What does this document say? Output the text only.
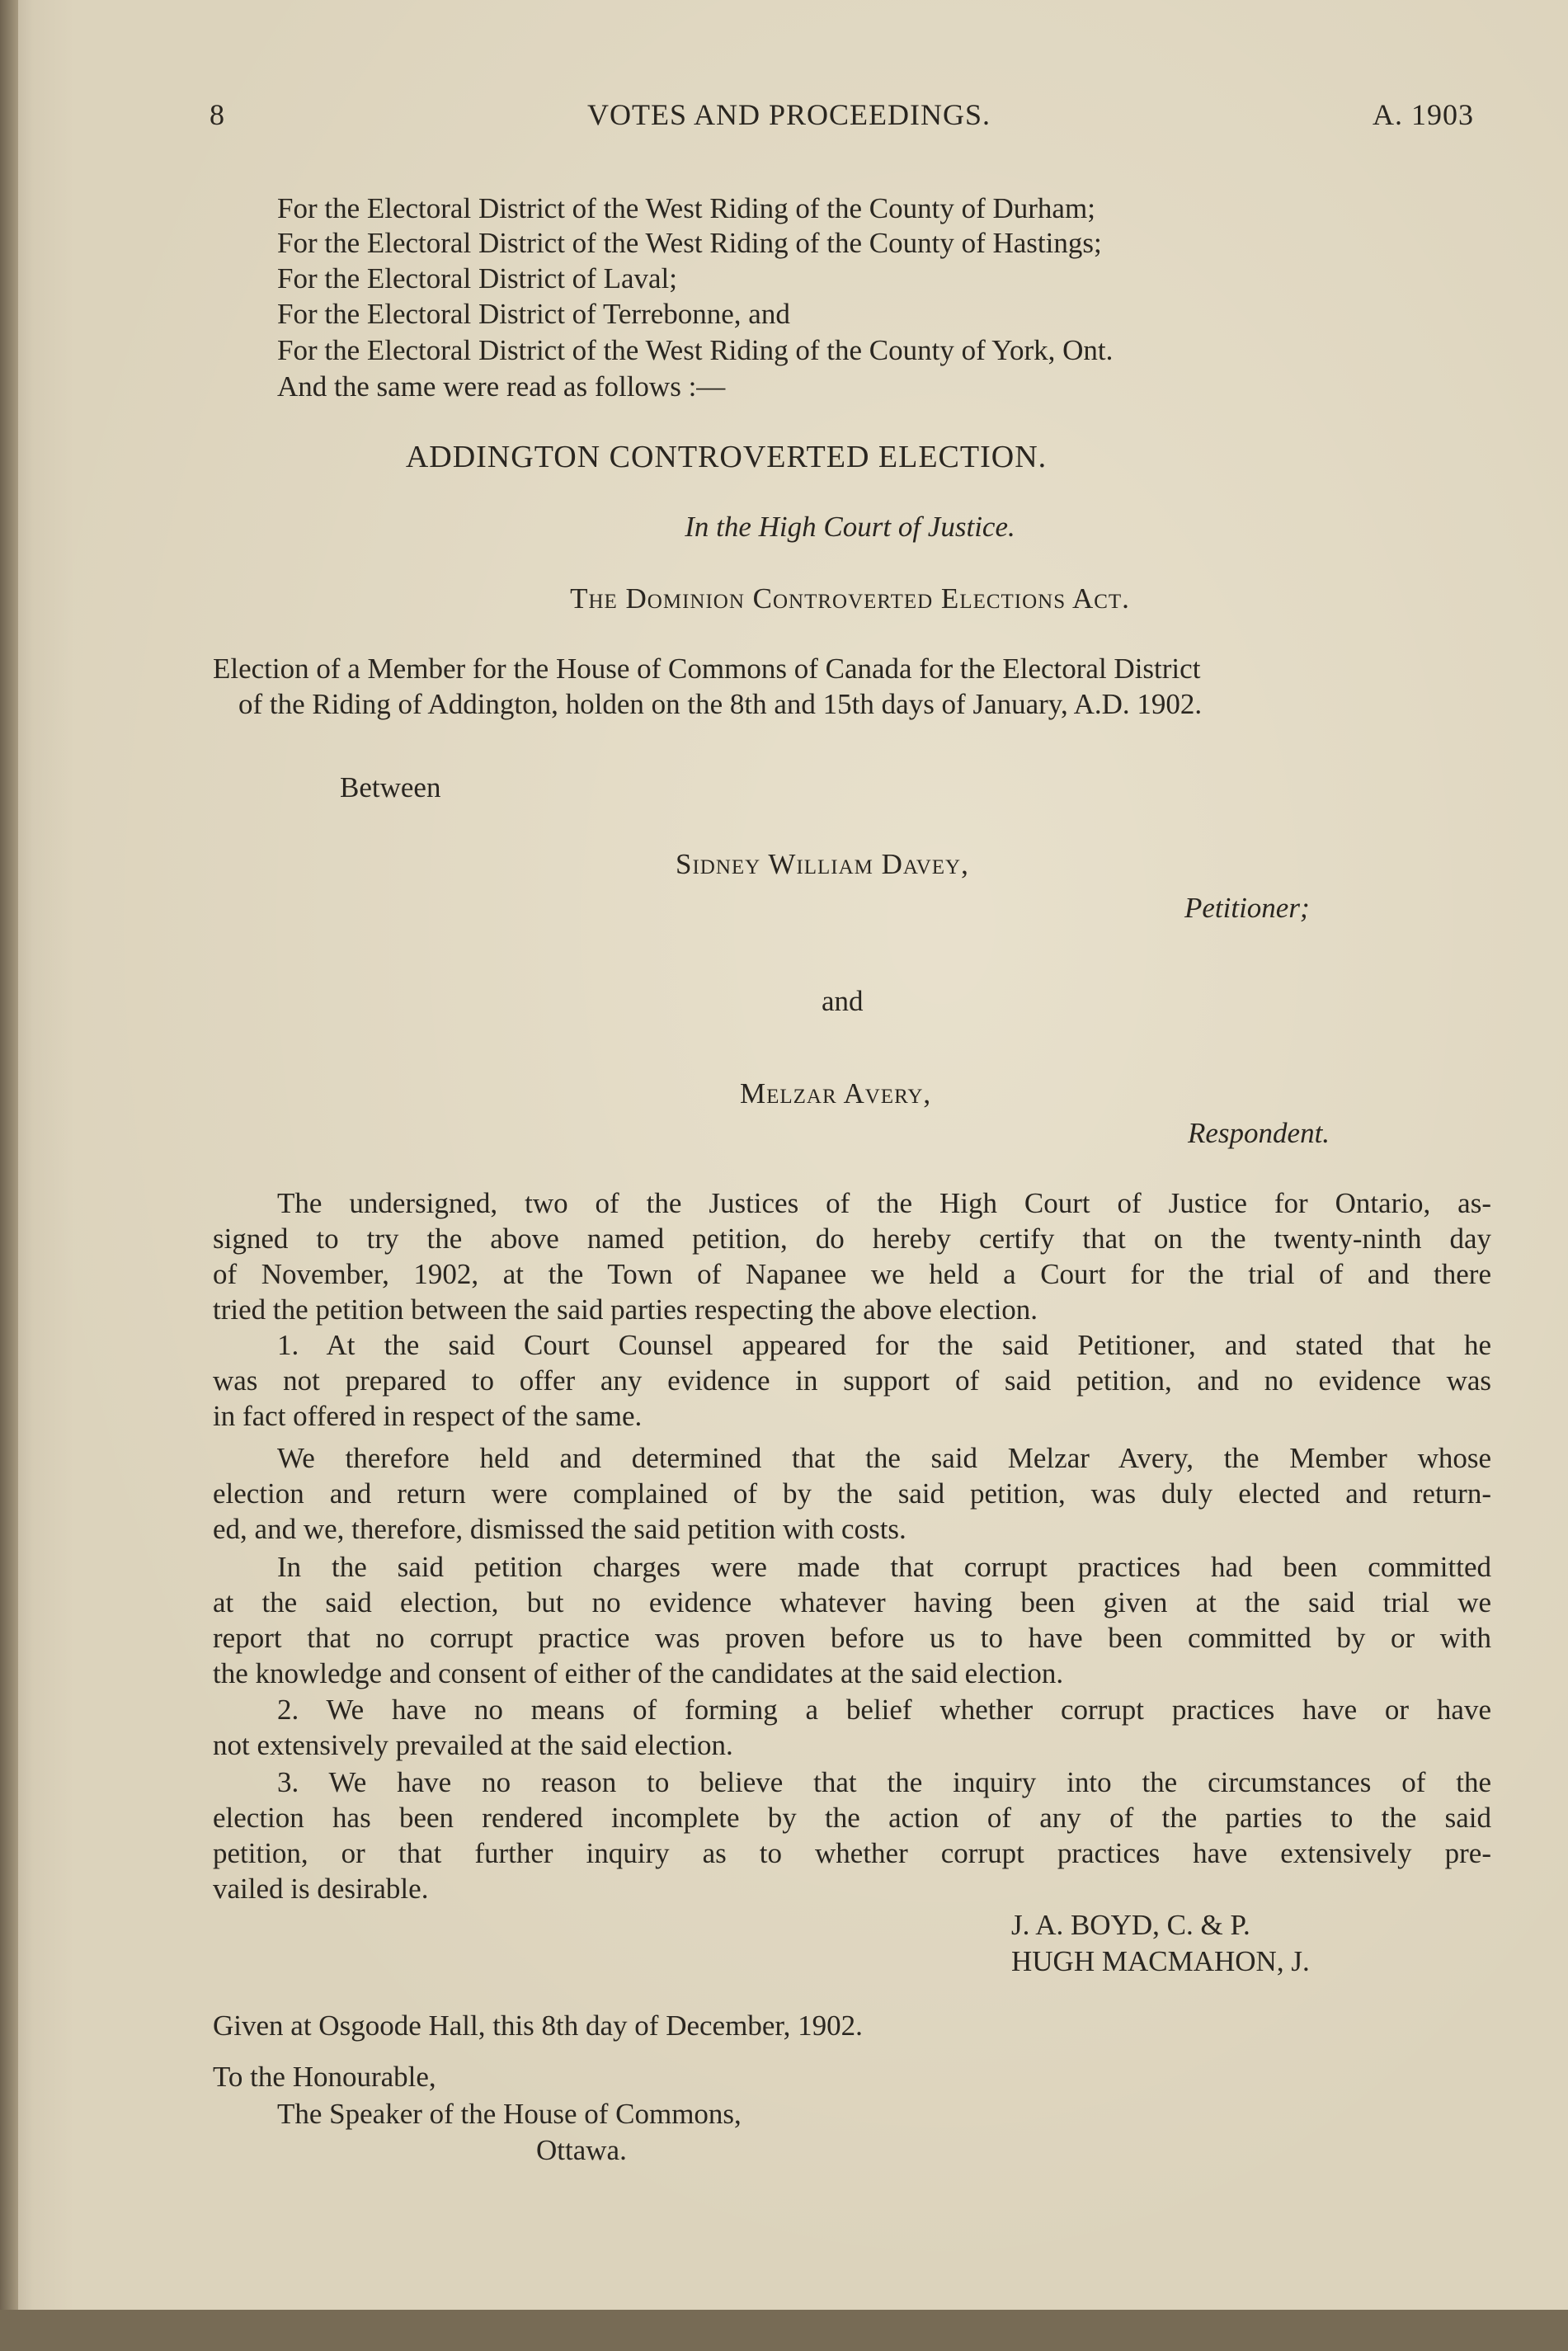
8	VOTES AND PROCEEDINGS.	A. 1903
For the Electoral District of the West Riding of the County of Durham;
For the Electoral District of the West Riding of the County of Hastings;
For the Electoral District of Laval;
For the Electoral District of Terrebonne, and
For the Electoral District of the West Riding of the County of York, Ont.
And the same were read as follows :—
ADDINGTON CONTROVERTED ELECTION.
In the High Court of Justice.
The Dominion Controverted Elections Act.
Election of a Member for the House of Commons of Canada for the Electoral District
of the Riding of Addington, holden on the 8th and 15th days of January, A.D. 1902.
Between
Sidney William Davey,
Petitioner;
and
Melzar Avery,
Respondent.
The undersigned, two of the Justices of the High Court of Justice for Ontario, as-
signed to try the above named petition, do hereby certify that on the twenty-ninth day
of November, 1902, at the Town of Napanee we held a Court for the trial of and there
tried the petition between the said parties respecting the above election.
1. At the said Court Counsel appeared for the said Petitioner, and stated that he
was not prepared to offer any evidence in support of said petition, and no evidence was
in fact offered in respect of the same.
We therefore held and determined that the said Melzar Avery, the Member whose
election and return were complained of by the said petition, was duly elected and return-
ed, and we, therefore, dismissed the said petition with costs.
In the said petition charges were made that corrupt practices had been committed
at the said election, but no evidence whatever having been given at the said trial we
report that no corrupt practice was proven before us to have been committed by or with
the knowledge and consent of either of the candidates at the said election.
2. We have no means of forming a belief whether corrupt practices have or have
not extensively prevailed at the said election.
3. We have no reason to believe that the inquiry into the circumstances of the
election has been rendered incomplete by the action of any of the parties to the said
petition, or that further inquiry as to whether corrupt practices have extensively pre-
vailed is desirable.
J. A. BOYD, C. & P.
HUGH MACMAHON, J.
Given at Osgoode Hall, this 8th day of December, 1902.
To the Honourable,
The Speaker of the House of Commons,
Ottawa.
